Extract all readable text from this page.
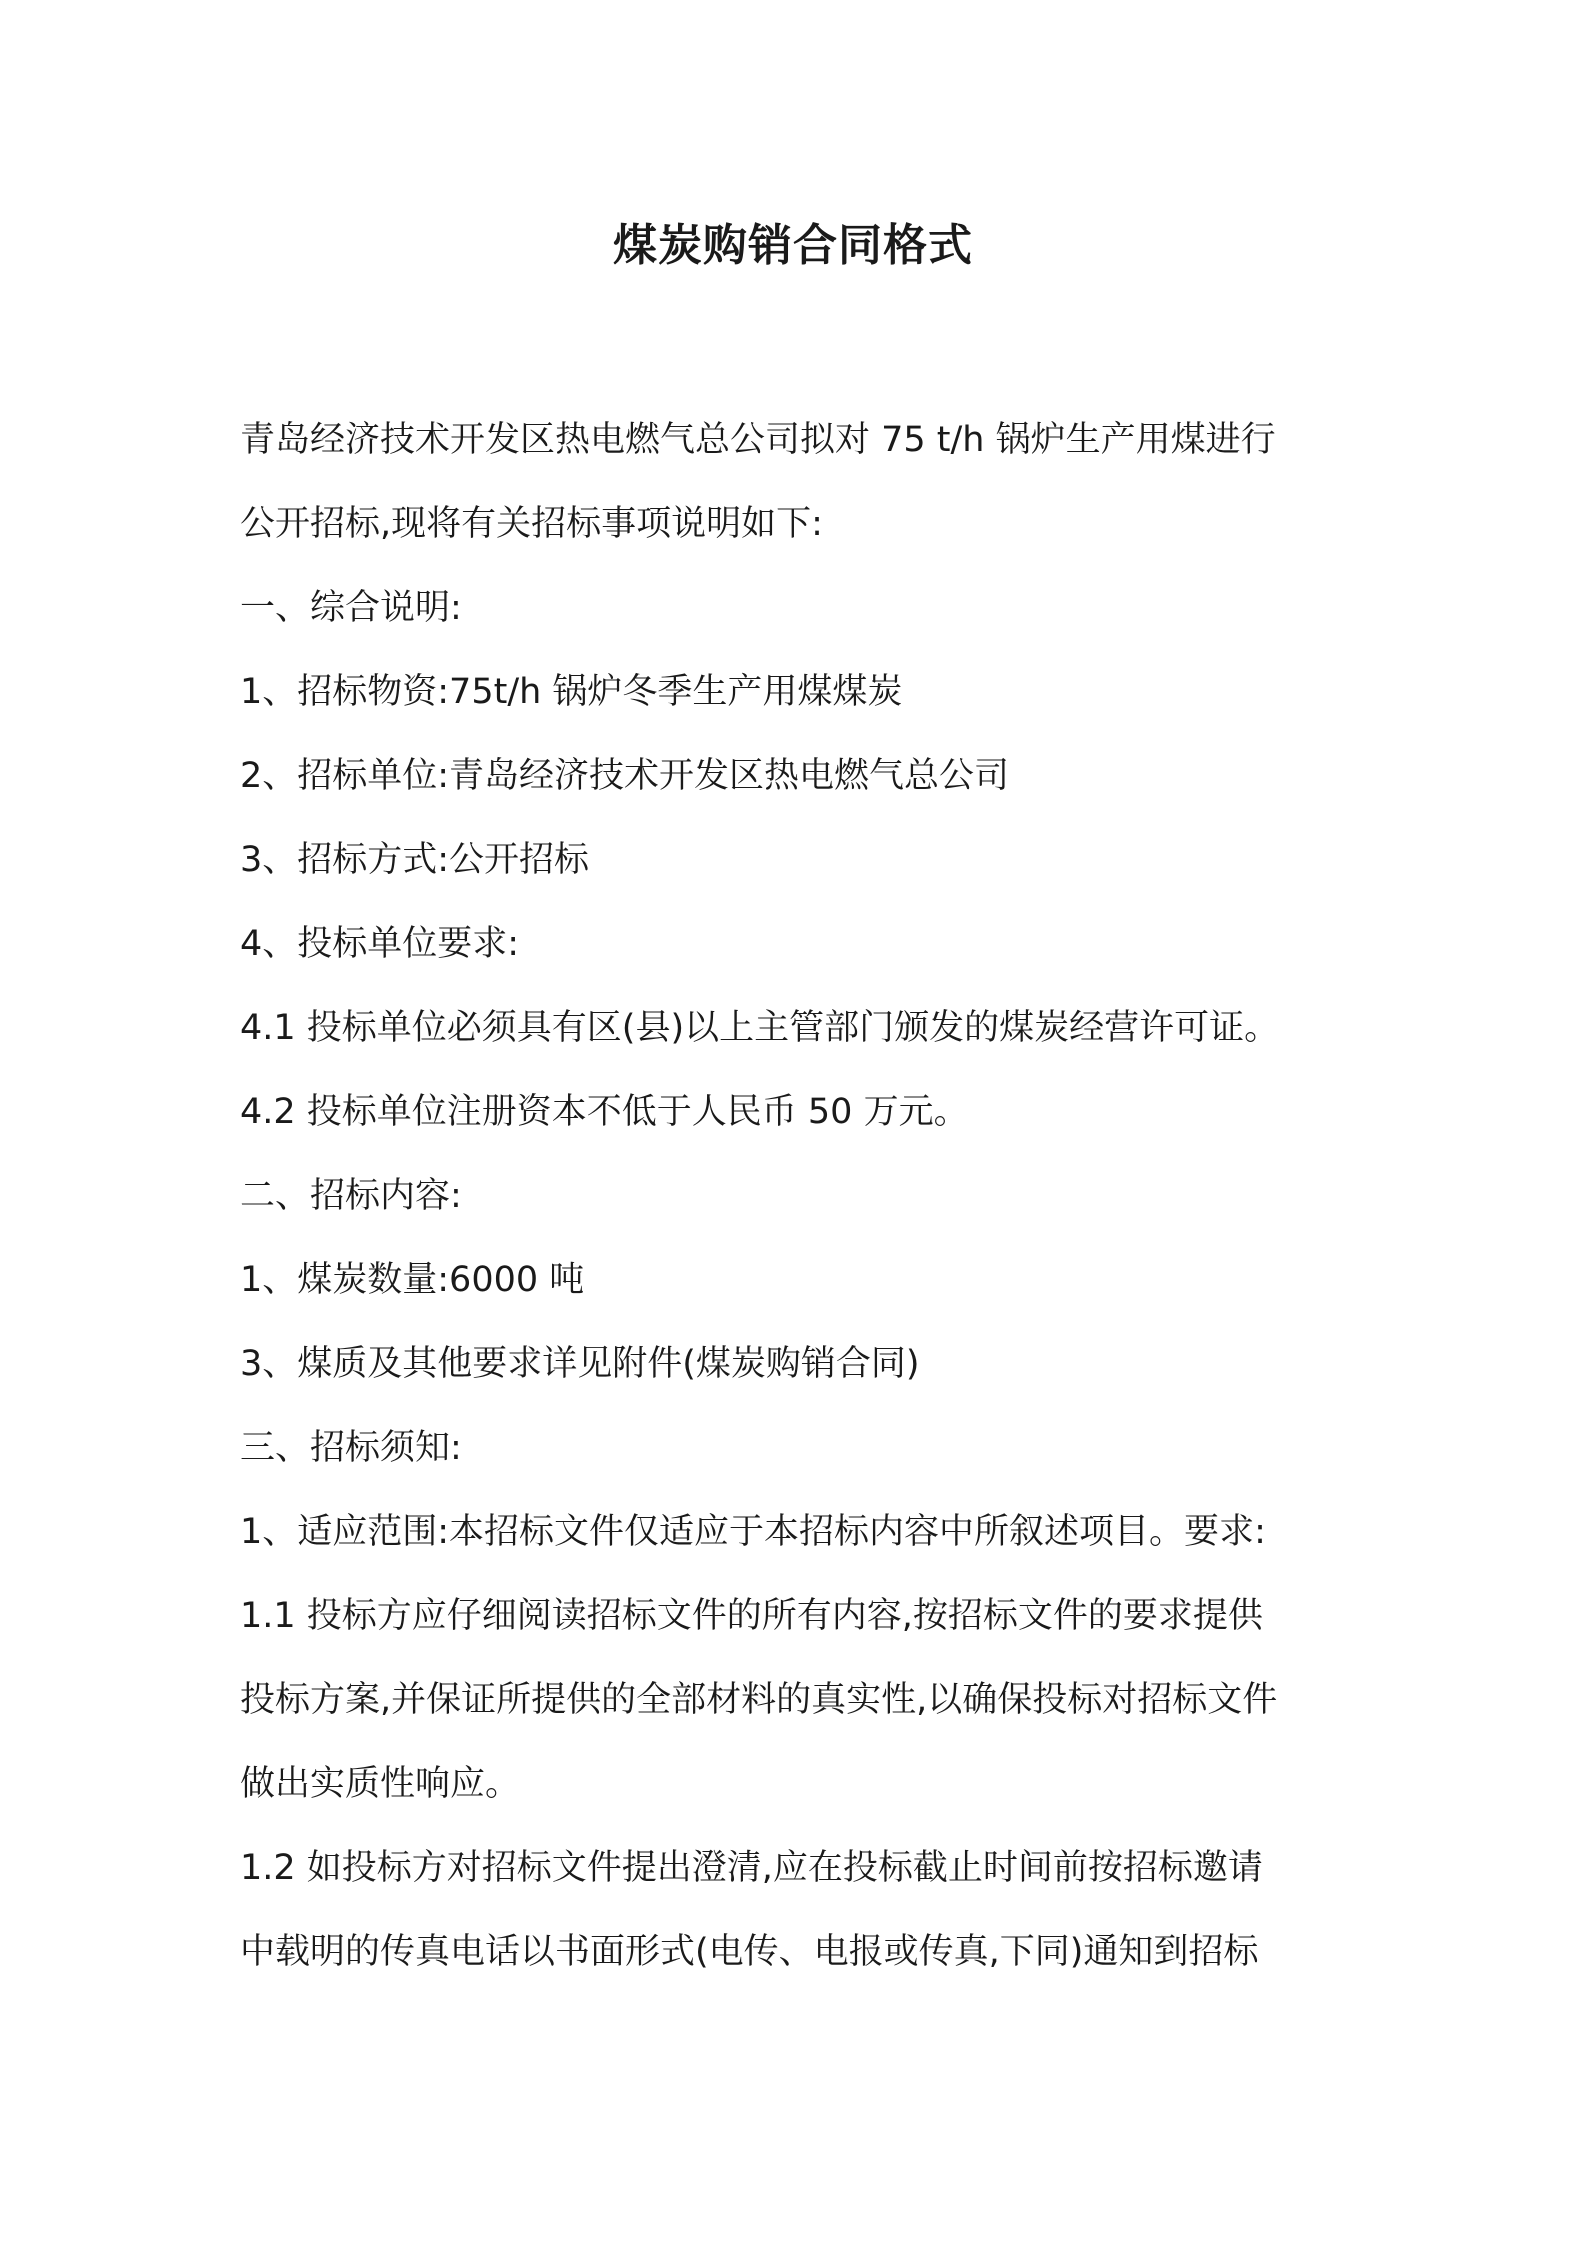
煤炭购销合同格式

青岛经济技术开发区热电燃气总公司拟对 75 t/h 锅炉生产用煤进行

公开招标,现将有关招标事项说明如下:

一、综合说明:

1、招标物资:75t/h 锅炉冬季生产用煤煤炭

2、招标单位:青岛经济技术开发区热电燃气总公司

3、招标方式:公开招标

4、投标单位要求:

4.1 投标单位必须具有区(县)以上主管部门颁发的煤炭经营许可证。

4.2 投标单位注册资本不低于人民币 50 万元。

二、招标内容:

1、煤炭数量:6000 吨

3、煤质及其他要求详见附件(煤炭购销合同)

三、招标须知:

1、适应范围:本招标文件仅适应于本招标内容中所叙述项目。要求:

1.1 投标方应仔细阅读招标文件的所有内容,按招标文件的要求提供

投标方案,并保证所提供的全部材料的真实性,以确保投标对招标文件

做出实质性响应。

1.2 如投标方对招标文件提出澄清,应在投标截止时间前按招标邀请

中载明的传真电话以书面形式(电传、电报或传真,下同)通知到招标
